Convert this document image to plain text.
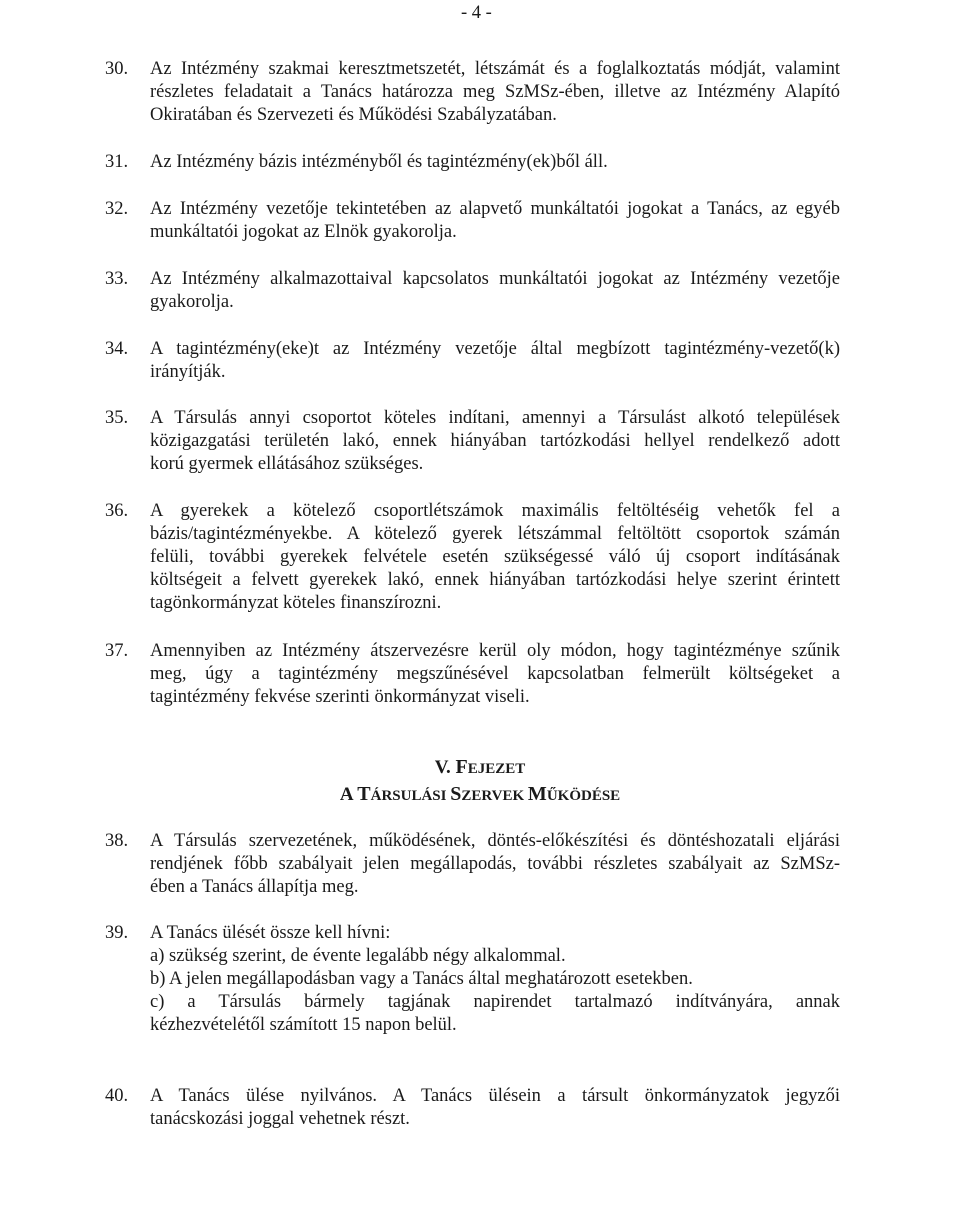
- 4 -
30. Az Intézmény szakmai keresztmetszetét, létszámát és a foglalkoztatás módját, valamint
részletes feladatait a Tanács határozza meg SzMSz-ében, illetve az Intézmény Alapító
Okiratában és Szervezeti és Működési Szabályzatában.
31. Az Intézmény bázis intézményből és tagintézmény(ek)ből áll.
32. Az Intézmény vezetője tekintetében az alapvető munkáltatói jogokat a Tanács, az egyéb
munkáltatói jogokat az Elnök gyakorolja.
33. Az Intézmény alkalmazottaival kapcsolatos munkáltatói jogokat az Intézmény vezetője
gyakorolja.
34. A tagintézmény(eke)t az Intézmény vezetője által megbízott tagintézmény-vezető(k)
irányítják.
35. A Társulás annyi csoportot köteles indítani, amennyi a Társulást alkotó települések
közigazgatási területén lakó, ennek hiányában tartózkodási hellyel rendelkező adott
korú gyermek ellátásához szükséges.
36. A gyerekek a kötelező csoportlétszámok maximális feltöltéséig vehetők fel a
bázis/tagintézményekbe. A kötelező gyerek létszámmal feltöltött csoportok számán
felüli, további gyerekek felvétele esetén szükségessé váló új csoport indításának
költségeit a felvett gyerekek lakó, ennek hiányában tartózkodási helye szerint érintett
tagönkormányzat köteles finanszírozni.
37. Amennyiben az Intézmény átszervezésre kerül oly módon, hogy tagintézménye szűnik
meg, úgy a tagintézmény megszűnésével kapcsolatban felmerült költségeket a
tagintézmény fekvése szerinti önkormányzat viseli.
V. FEJEZET
A TÁRSULÁSI SZERVEK MŰKÖDÉSE
38. A Társulás szervezetének, működésének, döntés-előkészítési és döntéshozatali eljárási
rendjének főbb szabályait jelen megállapodás, további részletes szabályait az SzMSz-
ében a Tanács állapítja meg.
39. A Tanács ülését össze kell hívni:
a) szükség szerint, de évente legalább négy alkalommal.
b) A jelen megállapodásban vagy a Tanács által meghatározott esetekben.
c) a Társulás bármely tagjának napirendet tartalmazó indítványára, annak
kézhezvételétől számított 15 napon belül.
40. A Tanács ülése nyilvános. A Tanács ülésein a társult önkormányzatok jegyzői
tanácskozási joggal vehetnek részt.
